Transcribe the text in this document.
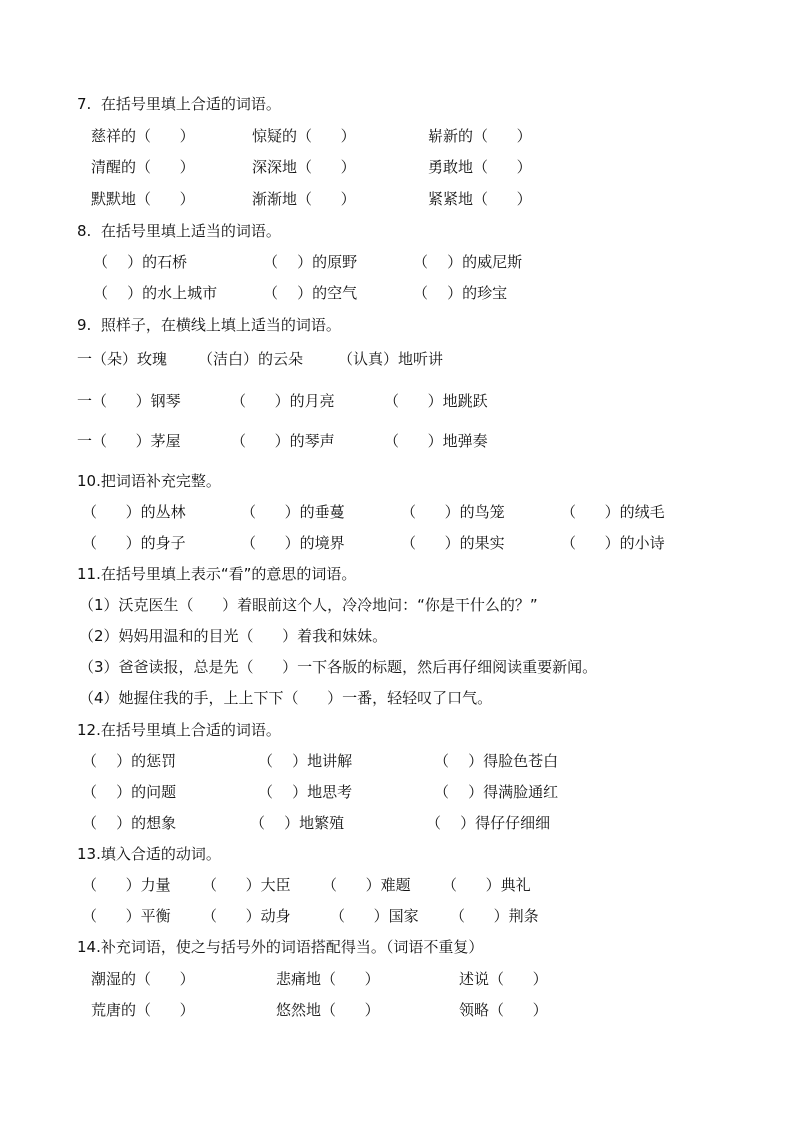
7.  在括号里填上合适的词语。
慈祥的（      ）	惊疑的（      ）	崭新的（      ）
清醒的（      ）	深深地（      ）	勇敢地（      ）
默默地（      ）	渐渐地（      ）	紧紧地（      ）
8.  在括号里填上适当的词语。
（    ）的石桥	（    ）的原野	（    ）的威尼斯
（    ）的水上城市	（    ）的空气	（    ）的珍宝
9.  照样子，在横线上填上适当的词语。
一（朵）玫瑰 （洁白）的云朵 （认真）地听讲
一（      ）钢琴	（      ）的月亮	（      ）地跳跃
一（      ）茅屋	（      ）的琴声	（      ）地弹奏
10.把词语补充完整。
（      ）的丛林	（      ）的垂蔓	（      ）的鸟笼	（      ）的绒毛
（      ）的身子	（      ）的境界	（      ）的果实	（      ）的小诗
11.在括号里填上表示“看”的意思的词语。
（1）沃克医生（      ）着眼前这个人，冷冷地问：“你是干什么的？”
（2）妈妈用温和的目光（      ）着我和妹妹。
（3）爸爸读报，总是先（      ）一下各版的标题，然后再仔细阅读重要新闻。
（4）她握住我的手，上上下下（      ）一番，轻轻叹了口气。
12.在括号里填上合适的词语。
（    ）的惩罚	（    ）地讲解	（    ）得脸色苍白
（    ）的问题	（    ）地思考	（    ）得满脸通红
（    ）的想象	（    ）地繁殖	（    ）得仔仔细细
13.填入合适的动词。
（      ）力量 （      ）大臣 （      ）难题 （      ）典礼
（      ）平衡 （      ）动身	（      ）国家 （      ）荆条
14.补充词语，使之与括号外的词语搭配得当。（词语不重复）
潮湿的（      ）	悲痛地（      ）	述说（      ）
荒唐的（      ）	悠然地（      ）	领略（      ）
